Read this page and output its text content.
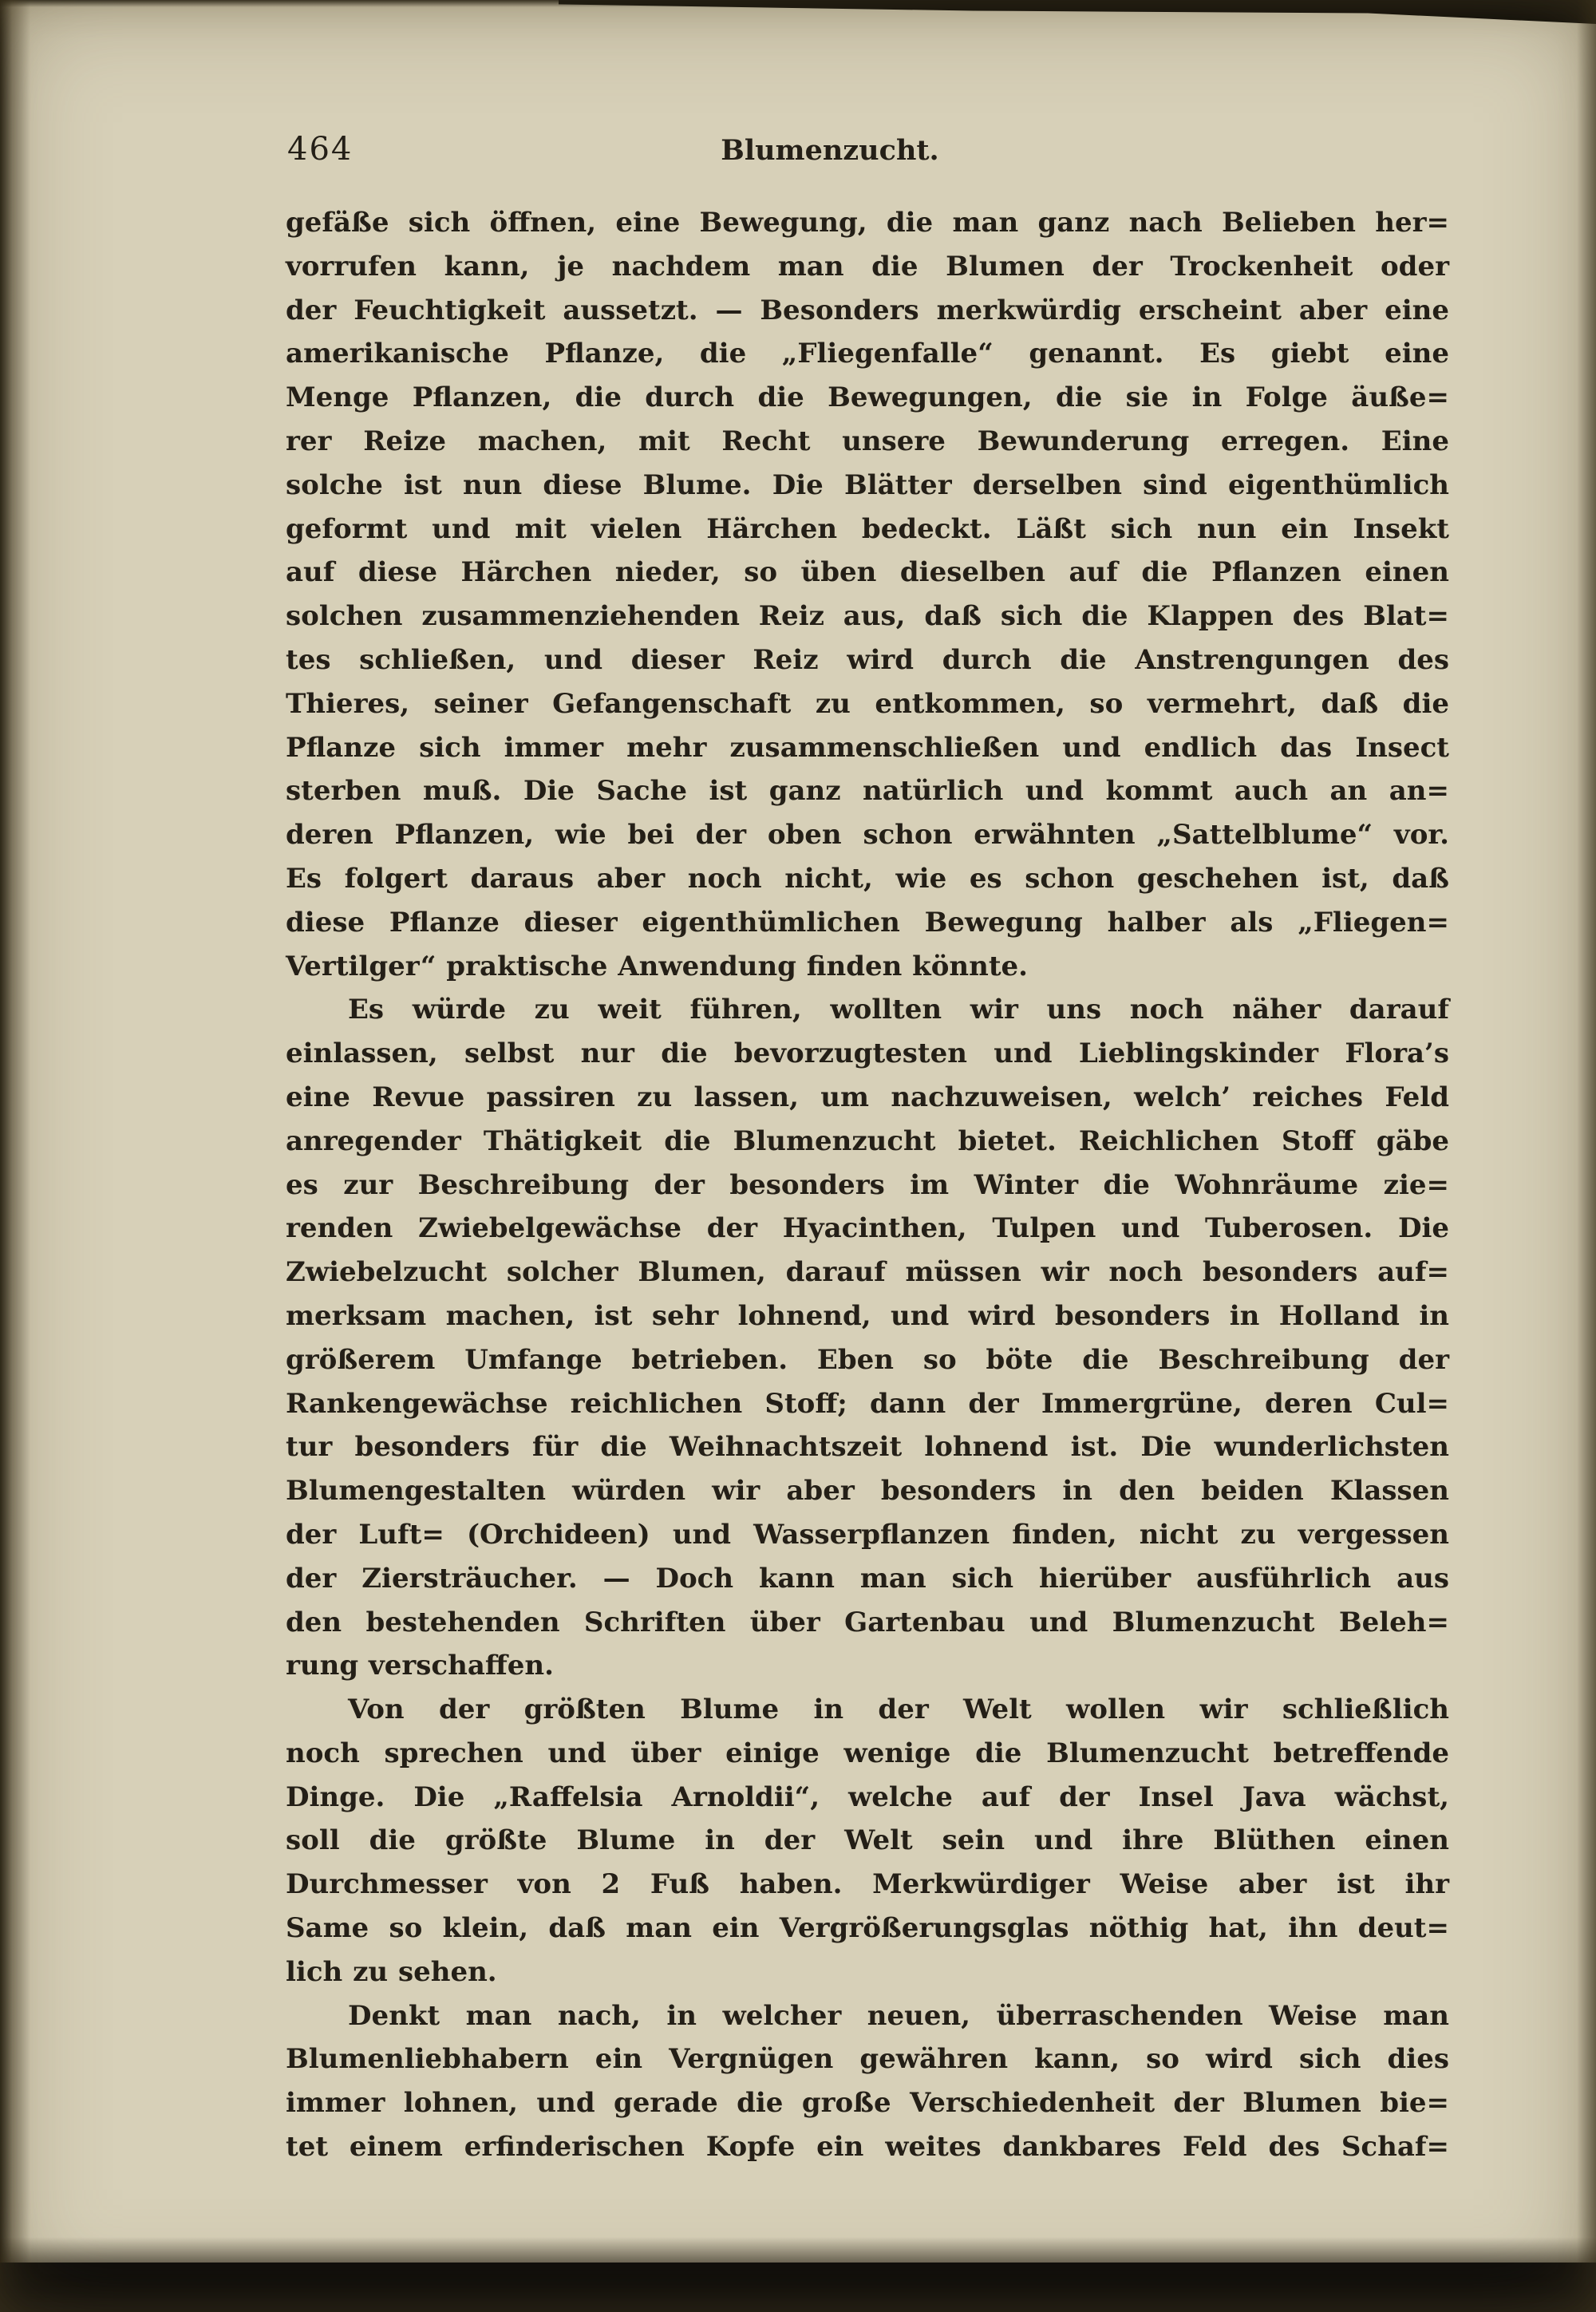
464	Blumenzucht.
gefäße sich öffnen, eine Bewegung, die man ganz nach Belieben her=
vorrufen kann, je nachdem man die Blumen der Trockenheit oder
der Feuchtigkeit aussetzt. — Besonders merkwürdig erscheint aber eine
amerikanische Pflanze, die „Fliegenfalle“ genannt. Es giebt eine
Menge Pflanzen, die durch die Bewegungen, die sie in Folge äuße=
rer Reize machen, mit Recht unsere Bewunderung erregen. Eine
solche ist nun diese Blume. Die Blätter derselben sind eigenthümlich
geformt und mit vielen Härchen bedeckt. Läßt sich nun ein Insekt
auf diese Härchen nieder, so üben dieselben auf die Pflanzen einen
solchen zusammenziehenden Reiz aus, daß sich die Klappen des Blat=
tes schließen, und dieser Reiz wird durch die Anstrengungen des
Thieres, seiner Gefangenschaft zu entkommen, so vermehrt, daß die
Pflanze sich immer mehr zusammenschließen und endlich das Insect
sterben muß. Die Sache ist ganz natürlich und kommt auch an an=
deren Pflanzen, wie bei der oben schon erwähnten „Sattelblume“ vor.
Es folgert daraus aber noch nicht, wie es schon geschehen ist, daß
diese Pflanze dieser eigenthümlichen Bewegung halber als „Fliegen=
Vertilger“ praktische Anwendung finden könnte.
Es würde zu weit führen, wollten wir uns noch näher darauf
einlassen, selbst nur die bevorzugtesten und Lieblingskinder Flora’s
eine Revue passiren zu lassen, um nachzuweisen, welch’ reiches Feld
anregender Thätigkeit die Blumenzucht bietet. Reichlichen Stoff gäbe
es zur Beschreibung der besonders im Winter die Wohnräume zie=
renden Zwiebelgewächse der Hyacinthen, Tulpen und Tuberosen. Die
Zwiebelzucht solcher Blumen, darauf müssen wir noch besonders auf=
merksam machen, ist sehr lohnend, und wird besonders in Holland in
größerem Umfange betrieben. Eben so böte die Beschreibung der
Rankengewächse reichlichen Stoff; dann der Immergrüne, deren Cul=
tur besonders für die Weihnachtszeit lohnend ist. Die wunderlichsten
Blumengestalten würden wir aber besonders in den beiden Klassen
der Luft= (Orchideen) und Wasserpflanzen finden, nicht zu vergessen
der Ziersträucher. — Doch kann man sich hierüber ausführlich aus
den bestehenden Schriften über Gartenbau und Blumenzucht Beleh=
rung verschaffen.
Von der größten Blume in der Welt wollen wir schließlich
noch sprechen und über einige wenige die Blumenzucht betreffende
Dinge. Die „Raffelsia Arnoldii“, welche auf der Insel Java wächst,
soll die größte Blume in der Welt sein und ihre Blüthen einen
Durchmesser von 2 Fuß haben. Merkwürdiger Weise aber ist ihr
Same so klein, daß man ein Vergrößerungsglas nöthig hat, ihn deut=
lich zu sehen.
Denkt man nach, in welcher neuen, überraschenden Weise man
Blumenliebhabern ein Vergnügen gewähren kann, so wird sich dies
immer lohnen, und gerade die große Verschiedenheit der Blumen bie=
tet einem erfinderischen Kopfe ein weites dankbares Feld des Schaf=
